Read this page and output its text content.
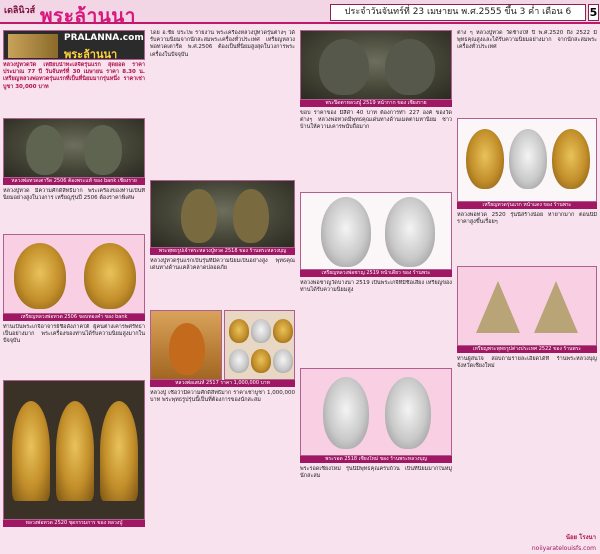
เดลินิวส์ พระล้านนา	ประจำวันจันทร์ที่ 23 เมษายน พ.ศ.2555 ขึ้น 3 ค่ำ เดือน 6	5
PRALANNA.com
พระล้านนา
หลวงปู่ทวดวัด เหยียบน้ำทะเลจืดรุ่นแรก สุดยอด ราคาประมาณ 77 ปี วันจันทร์ที่ 30 เมษายน ราคา 8.30 น. เหรียญหลวงพ่อทวดรุ่นแรกที่เป็นที่นิยมมากรุ่นหนึ่ง ราคาเช่าบูชา 30,000 บาท
หลวงพ่อทวดเตารีด 2506 ต้องพระแท้ ของ bank เชียงราย
หลวงปู่ทวด มีความศักดิ์สิทธิ์มาก พระเครื่องของท่านเป็นที่นิยมอย่างสูงในวงการ เหรียญรุ่นปี 2506 ต้องราคาพิเศษ
เหรียญหลวงพ่อทวด 2506 ขอบทองคำ ของ bank
ท่านเป็นพระเกจิอาจารย์ชื่อดังภาคใต้ ผู้คนต่างเคารพศรัทธาเป็นอย่างมาก พระเครื่องของท่านได้รับความนิยมสูงมากในปัจจุบัน
หลวงพ่อทวด 2520 ชุดกรรมการ ของ หลวงปู่
โดย อ.ชัย ประไพ รายงาน พระเครื่องหลวงปู่ทวดรุ่นต่างๆ ได้รับความนิยมจากนักสะสมพระเครื่องทั่วประเทศ เหรียญหลวงพ่อทวดเตารีด พ.ศ.2506 ต้องเป็นที่นิยมสูงสุดในวงการพระเครื่องในปัจจุบัน
พระพุทธรูปเจ้าพระหลวงปู่ทวด 2518 ของ ร้านพระหลวงบุญ
หลวงปู่ทวดรุ่นแรกเป็นรุ่นที่มีความนิยมเป็นอย่างสูง พุทธคุณเด่นทางด้านแคล้วคลาดปลอดภัย
หลวงพ่อเสน่ห์ 2517 ราคา 1,000,000 บาท
หลวงปู่ เชื่อว่ามีความศักดิ์สิทธิ์มาก ราคาเช่าบูชา 1,000,000 บาท พระพุทธรูปรุ่นนี้เป็นที่ต้องการของนักสะสม
พระปิดตาหลวงปู่ 2519 หน้ากาก ของ เชียงราย
ขอบ ราคาของ มีสีดำ 40 บาท ต้องการทำ 227 องค์ ของวัด ต่างๆ หลวงพ่อทวดมีพุทธคุณเด่นทางด้านเมตตามหานิยม ชาวบ้านให้ความเคารพนับถือมาก
เหรียญหลวงพ่อชาญ 2519 หน้าเดียว ของ ร้านพระ
หลวงพ่อชาญวัดบางนา 2519 เป็นพระเกจิที่มีชื่อเสียง เหรียญของท่านได้รับความนิยมสูง
พระรอด 2518 เชียงใหม่ ของ ร้านพระหลวงบุญ
พระรอดเชียงใหม่ รุ่นนี้มีพุทธคุณครบถ้วน เป็นที่นิยมมากในหมู่นักสะสม
ต่าง ๆ หลวงปู่ทวด วัดช้างให้ ปี พ.ศ.2520 ถึง 2522 มีพุทธคุณสูงและได้รับความนิยมอย่างมาก จากนักสะสมพระเครื่องทั่วประเทศ
เหรียญทวดรุ่นแรก หน้าแดง ของ ร้านพระ
หลวงพ่อทวด 2520 รุ่นนี้สร้างน้อย หายากมาก ตอนนี้มีราคาสูงขึ้นเรื่อยๆ
เหรียญพระพุทธรูปต่างประเทศ 2522 ของ ร้านพระ
ท่านผู้สนใจ สอบถามรายละเอียดได้ที่ ร้านพระหลวงบุญ จังหวัดเชียงใหม่
น้อย โรงนา
noiiyaratelouisfs.com
